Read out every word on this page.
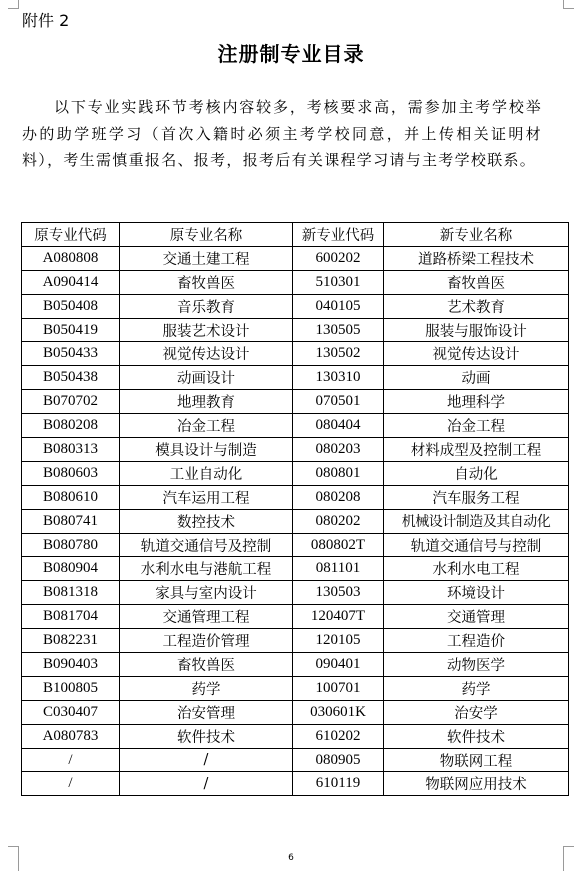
附件 2
注册制专业目录

以下专业实践环节考核内容较多，考核要求高，需参加主考学校举办的助学班学习（首次入籍时必须主考学校同意，并上传相关证明材料），考生需慎重报名、报考，报考后有关课程学习请与主考学校联系。

原专业代码	原专业名称	新专业代码	新专业名称
A080808	交通土建工程	600202	道路桥梁工程技术
A090414	畜牧兽医	510301	畜牧兽医
B050408	音乐教育	040105	艺术教育
B050419	服装艺术设计	130505	服装与服饰设计
B050433	视觉传达设计	130502	视觉传达设计
B050438	动画设计	130310	动画
B070702	地理教育	070501	地理科学
B080208	冶金工程	080404	冶金工程
B080313	模具设计与制造	080203	材料成型及控制工程
B080603	工业自动化	080801	自动化
B080610	汽车运用工程	080208	汽车服务工程
B080741	数控技术	080202	机械设计制造及其自动化
B080780	轨道交通信号及控制	080802T	轨道交通信号与控制
B080904	水利水电与港航工程	081101	水利水电工程
B081318	家具与室内设计	130503	环境设计
B081704	交通管理工程	120407T	交通管理
B082231	工程造价管理	120105	工程造价
B090403	畜牧兽医	090401	动物医学
B100805	药学	100701	药学
C030407	治安管理	030601K	治安学
A080783	软件技术	610202	软件技术
/	/	080905	物联网工程
/	/	610119	物联网应用技术
6
